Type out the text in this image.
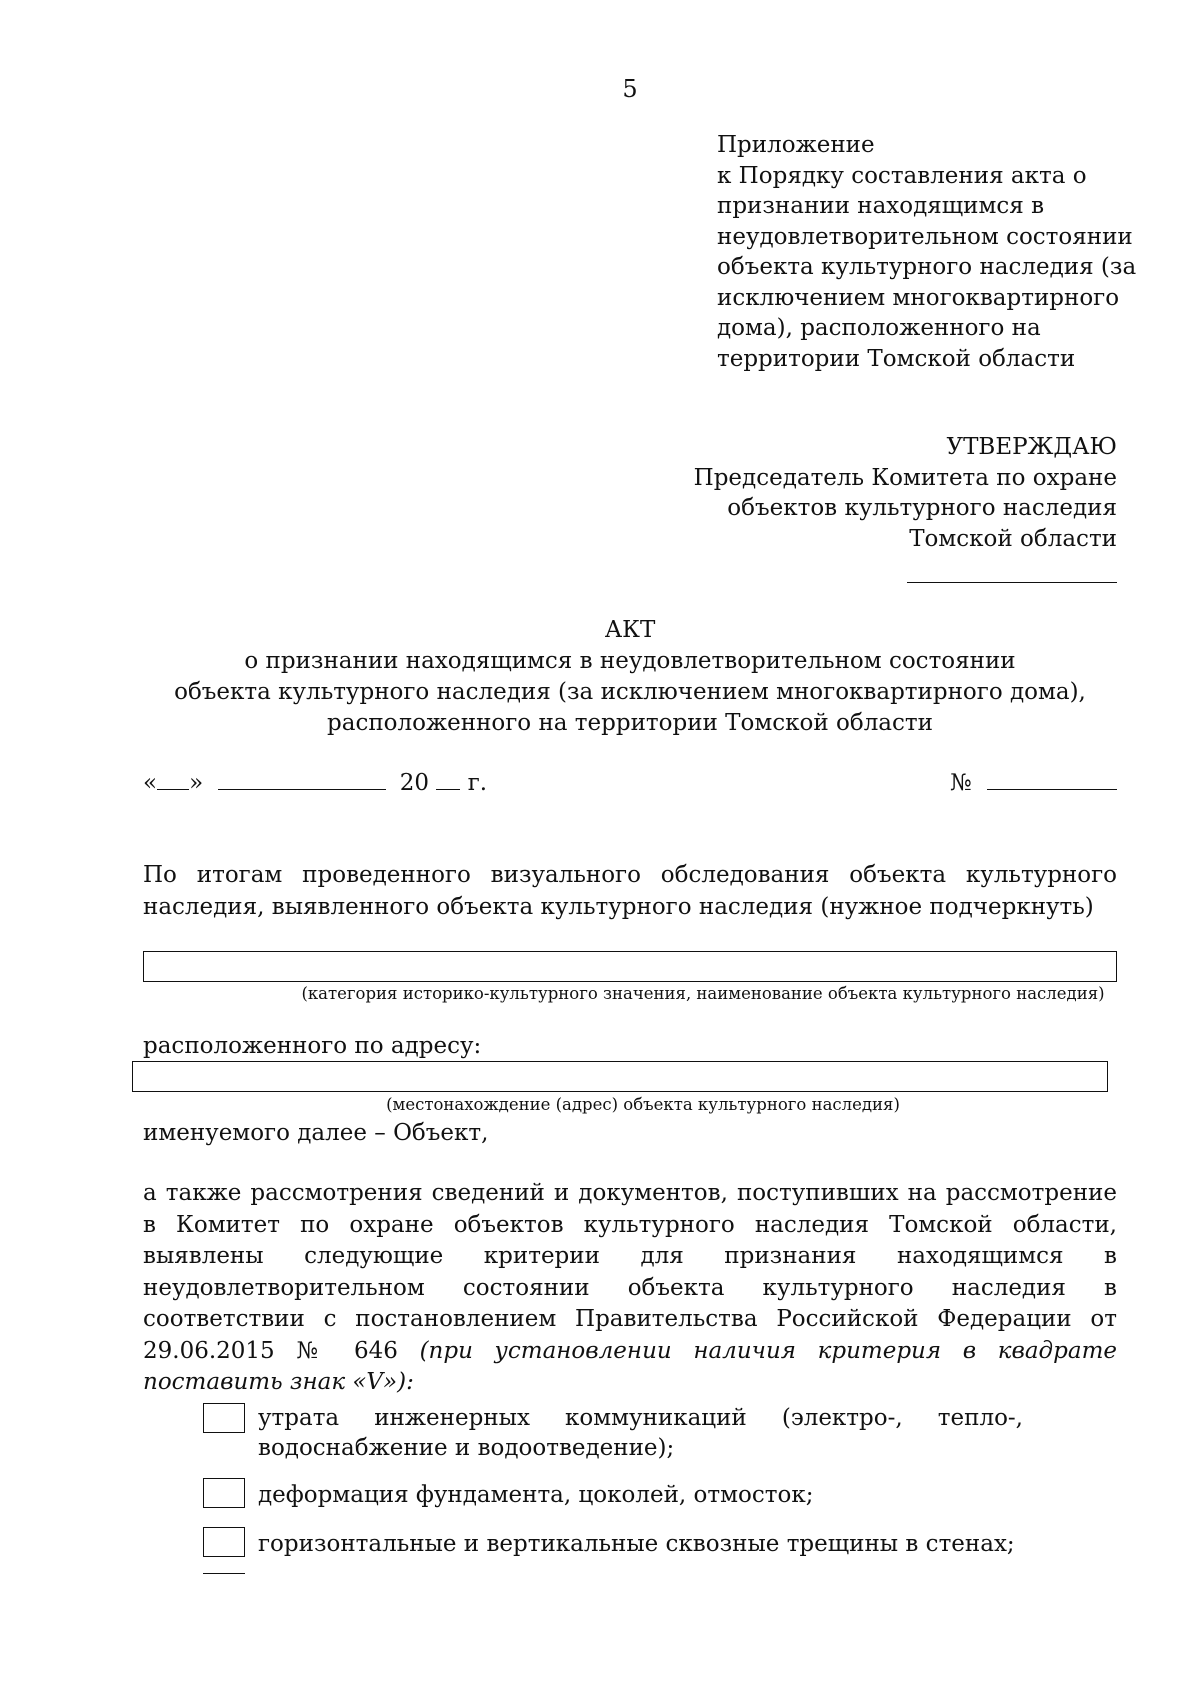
5
Приложение
к Порядку составления акта о
признании находящимся в
неудовлетворительном состоянии
объекта культурного наследия (за
исключением многоквартирного
дома), расположенного на
территории Томской области
УТВЕРЖДАЮ
Председатель Комитета по охране
объектов культурного наследия
Томской области
АКТ
о признании находящимся в неудовлетворительном состоянии
объекта культурного наследия (за исключением многоквартирного дома),
расположенного на территории Томской области
« »	20 г.	№
По итогам проведенного визуального обследования объекта культурного наследия, выявленного объекта культурного наследия (нужное подчеркнуть)
(категория историко-культурного значения, наименование объекта культурного наследия)
расположенного по адресу:
(местонахождение (адрес) объекта культурного наследия)
именуемого далее – Объект,
а также рассмотрения сведений и документов, поступивших на рассмотрение в Комитет по охране объектов культурного наследия Томской области, выявлены следующие критерии для признания находящимся в неудовлетворительном состоянии объекта культурного наследия в соответствии с постановлением Правительства Российской Федерации от 29.06.2015 № 646 (при установлении наличия критерия в квадрате поставить знак «V»):
утрата инженерных коммуникаций (электро-, тепло-,
водоснабжение и водоотведение);
деформация фундамента, цоколей, отмосток;
горизонтальные и вертикальные сквозные трещины в стенах;
